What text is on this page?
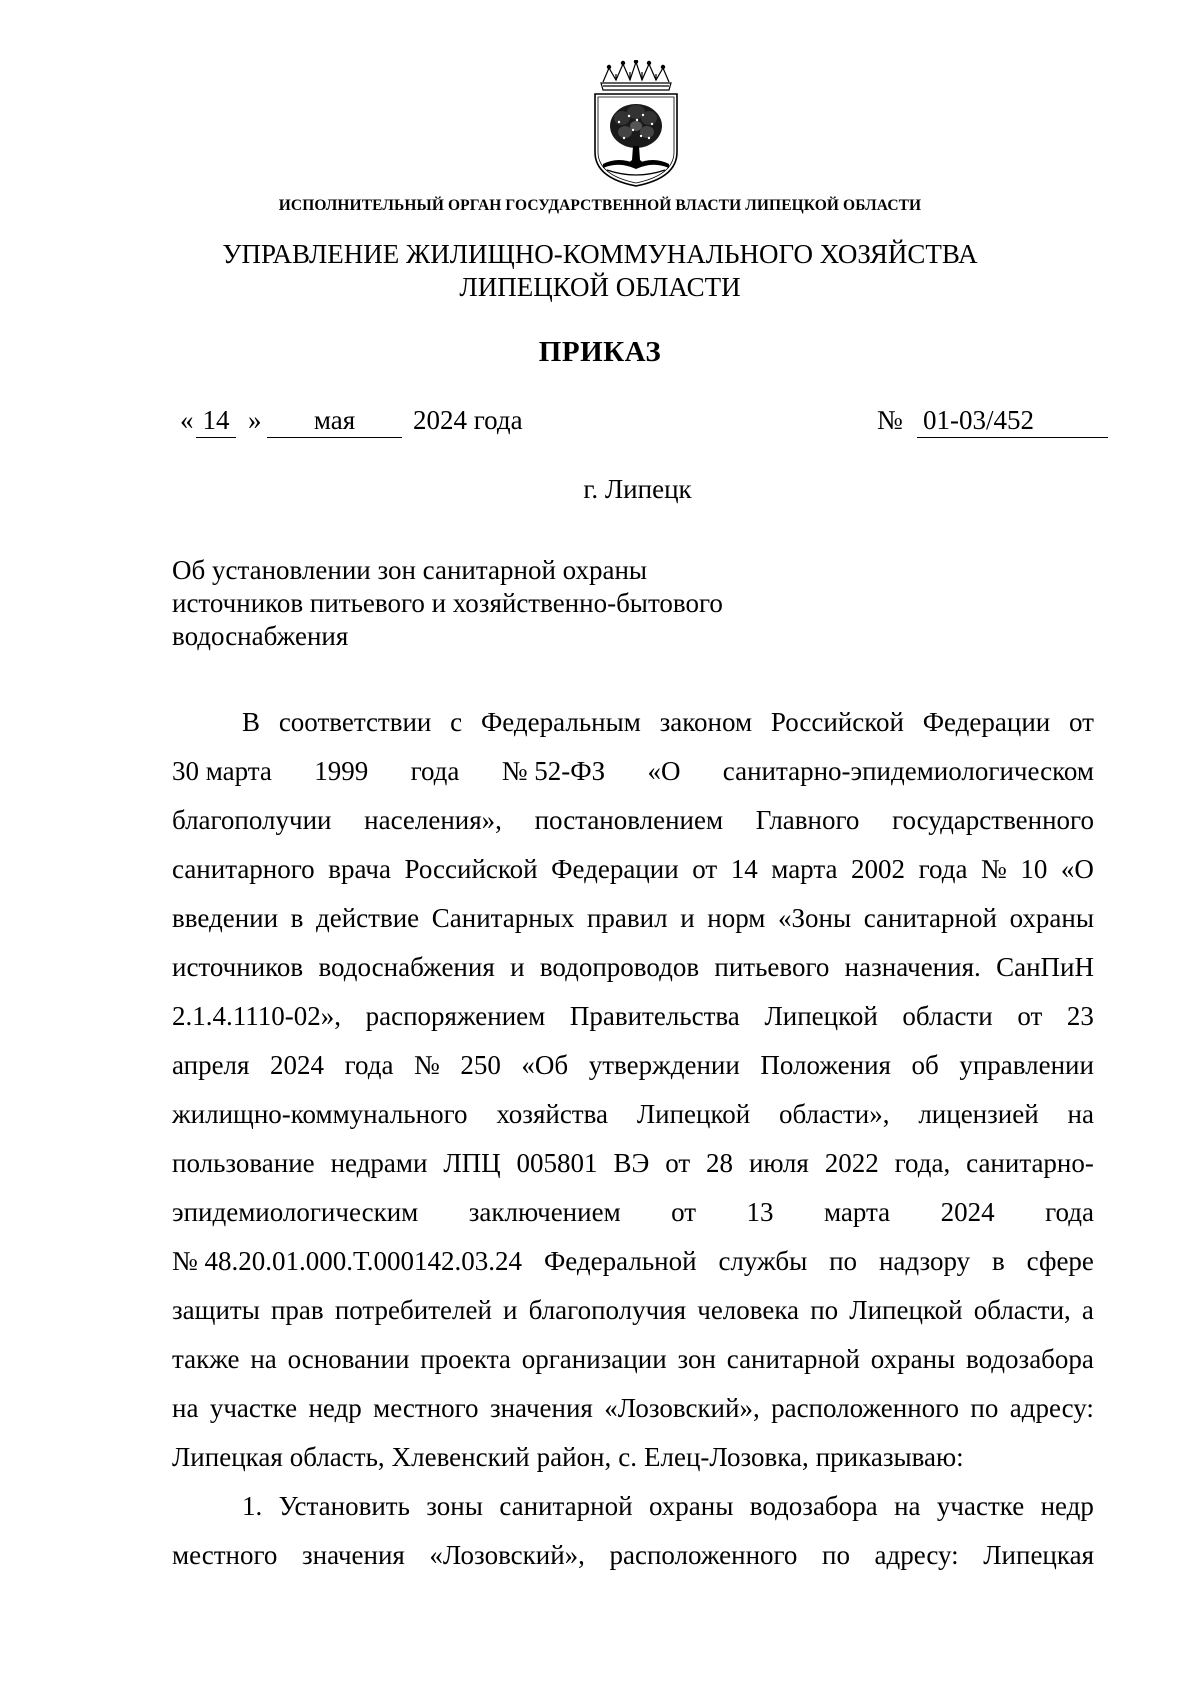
ИСПОЛНИТЕЛЬНЫЙ ОРГАН ГОСУДАРСТВЕННОЙ ВЛАСТИ ЛИПЕЦКОЙ ОБЛАСТИ
УПРАВЛЕНИЕ ЖИЛИЩНО-КОММУНАЛЬНОГО ХОЗЯЙСТВА
ЛИПЕЦКОЙ ОБЛАСТИ
ПРИКАЗ
« 14 »	мая	2024 года	№ 01-03/452
г. Липецк
Об установлении зон санитарной охраны
источников питьевого и хозяйственно-бытового
водоснабжения
В соответствии с Федеральным законом Российской Федерации от
30 марта 1999 года № 52-ФЗ «О санитарно-эпидемиологическом
благополучии населения», постановлением Главного государственного
санитарного врача Российской Федерации от 14 марта 2002 года № 10 «О
введении в действие Санитарных правил и норм «Зоны санитарной охраны
источников водоснабжения и водопроводов питьевого назначения. СанПиН
2.1.4.1110-02», распоряжением Правительства Липецкой области от 23
апреля 2024 года № 250 «Об утверждении Положения об управлении
жилищно-коммунального хозяйства Липецкой области», лицензией на
пользование недрами ЛПЦ 005801 ВЭ от 28 июля 2022 года, санитарно-
эпидемиологическим заключением от 13 марта 2024 года
№ 48.20.01.000.Т.000142.03.24 Федеральной службы по надзору в сфере
защиты прав потребителей и благополучия человека по Липецкой области, а
также на основании проекта организации зон санитарной охраны водозабора
на участке недр местного значения «Лозовский», расположенного по адресу:
Липецкая область, Хлевенский район, с. Елец-Лозовка, приказываю:
1. Установить зоны санитарной охраны водозабора на участке недр
местного значения «Лозовский», расположенного по адресу: Липецкая
